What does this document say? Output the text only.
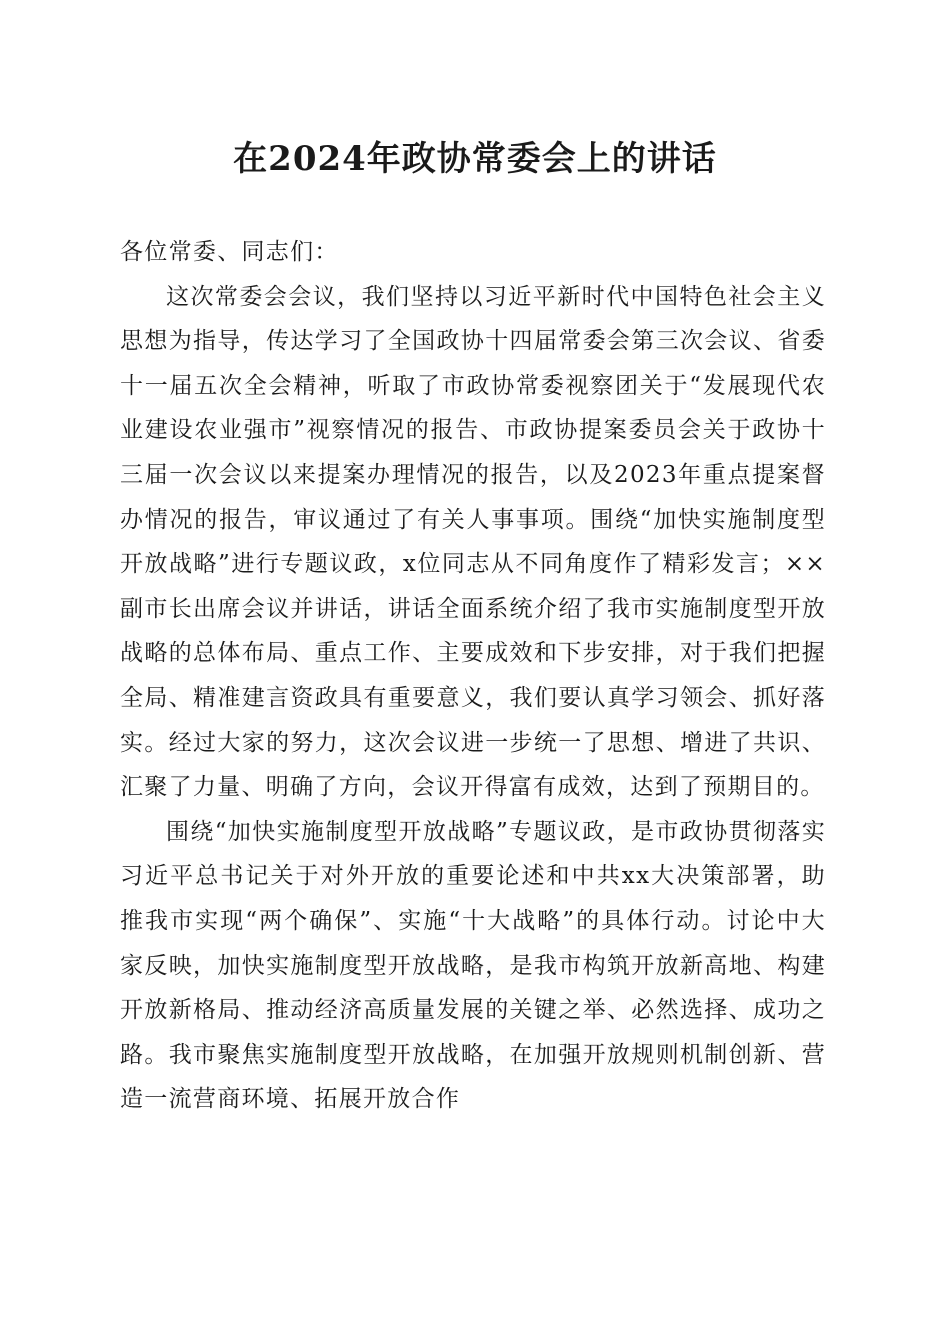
在2024年政协常委会上的讲话

各位常委、同志们：

这次常委会会议，我们坚持以习近平新时代中国特色社会主义思想为指导，传达学习了全国政协十四届常委会第三次会议、省委十一届五次全会精神，听取了市政协常委视察团关于“发展现代农业建设农业强市”视察情况的报告、市政协提案委员会关于政协十三届一次会议以来提案办理情况的报告，以及2023年重点提案督办情况的报告，审议通过了有关人事事项。围绕“加快实施制度型开放战略”进行专题议政，x位同志从不同角度作了精彩发言；××副市长出席会议并讲话，讲话全面系统介绍了我市实施制度型开放战略的总体布局、重点工作、主要成效和下步安排，对于我们把握全局、精准建言资政具有重要意义，我们要认真学习领会、抓好落实。经过大家的努力，这次会议进一步统一了思想、增进了共识、汇聚了力量、明确了方向，会议开得富有成效，达到了预期目的。

围绕“加快实施制度型开放战略”专题议政，是市政协贯彻落实习近平总书记关于对外开放的重要论述和中共xx大决策部署，助推我市实现“两个确保”、实施“十大战略”的具体行动。讨论中大家反映，加快实施制度型开放战略，是我市构筑开放新高地、构建开放新格局、推动经济高质量发展的关键之举、必然选择、成功之路。我市聚焦实施制度型开放战略，在加强开放规则机制创新、营造一流营商环境、拓展开放合作
